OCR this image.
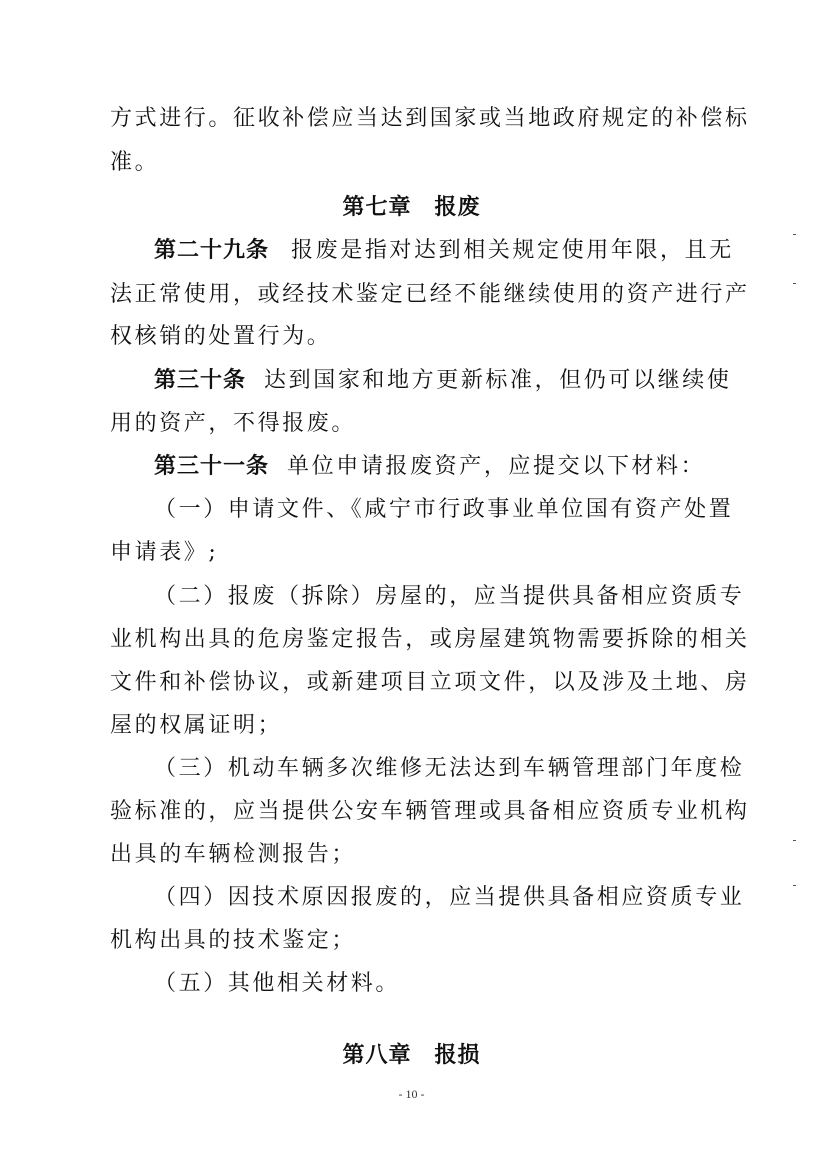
方式进行。征收补偿应当达到国家或当地政府规定的补偿标
准。
第七章　报废
第二十九条 报废是指对达到相关规定使用年限，且无
法正常使用，或经技术鉴定已经不能继续使用的资产进行产
权核销的处置行为。
第三十条 达到国家和地方更新标准，但仍可以继续使
用的资产，不得报废。
第三十一条 单位申请报废资产，应提交以下材料：
（一）申请文件、《咸宁市行政事业单位国有资产处置
申请表》;
（二）报废（拆除）房屋的，应当提供具备相应资质专
业机构出具的危房鉴定报告，或房屋建筑物需要拆除的相关
文件和补偿协议，或新建项目立项文件，以及涉及土地、房
屋的权属证明；
（三）机动车辆多次维修无法达到车辆管理部门年度检
验标准的，应当提供公安车辆管理或具备相应资质专业机构
出具的车辆检测报告；
（四）因技术原因报废的，应当提供具备相应资质专业
机构出具的技术鉴定；
（五）其他相关材料。
第八章　报损
- 10 -
